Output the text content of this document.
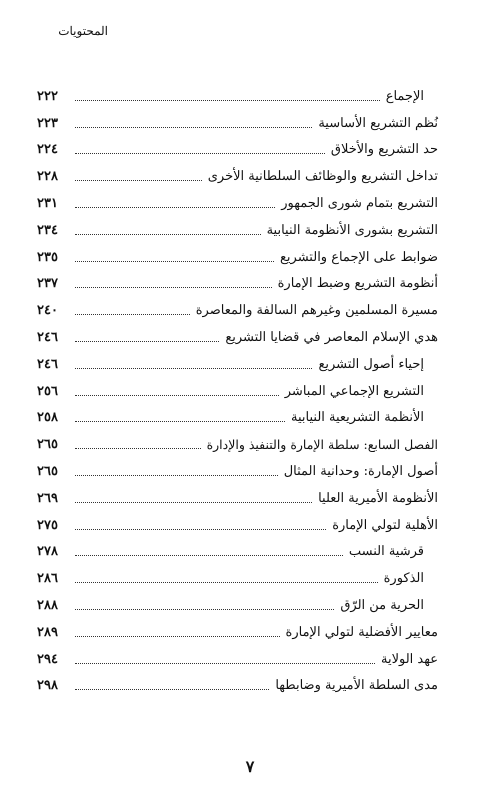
المحتويات
الإجماع
٢٢٢
نُظم التشريع الأساسية
٢٢٣
حد التشريع والأخلاق
٢٢٤
تداخل التشريع والوظائف السلطانية الأخرى
٢٢٨
التشريع بتمام شورى الجمهور
٢٣١
التشريع بشورى الأنظومة النيابية
٢٣٤
ضوابط على الإجماع والتشريع
٢٣٥
أنظومة التشريع وضبط الإمارة
٢٣٧
مسيرة المسلمين وغيرهم السالفة والمعاصرة
٢٤٠
هدي الإسلام المعاصر في قضايا التشريع
٢٤٦
إحياء أصول التشريع
٢٤٦
التشريع الإجماعي المباشر
٢٥٦
الأنظمة التشريعية النيابية
٢٥٨
الفصل السابع: سلطة الإمارة والتنفيذ والإدارة
٢٦٥
أصول الإمارة: وحدانية المثال
٢٦٥
الأنظومة الأميرية العليا
٢٦٩
الأهلية لتولي الإمارة
٢٧٥
قرشية النسب
٢٧٨
الذكورة
٢٨٦
الحرية من الرّق
٢٨٨
معايير الأفضلية لتولي الإمارة
٢٨٩
عهد الولاية
٢٩٤
مدى السلطة الأميرية وضابطها
٢٩٨
٧
